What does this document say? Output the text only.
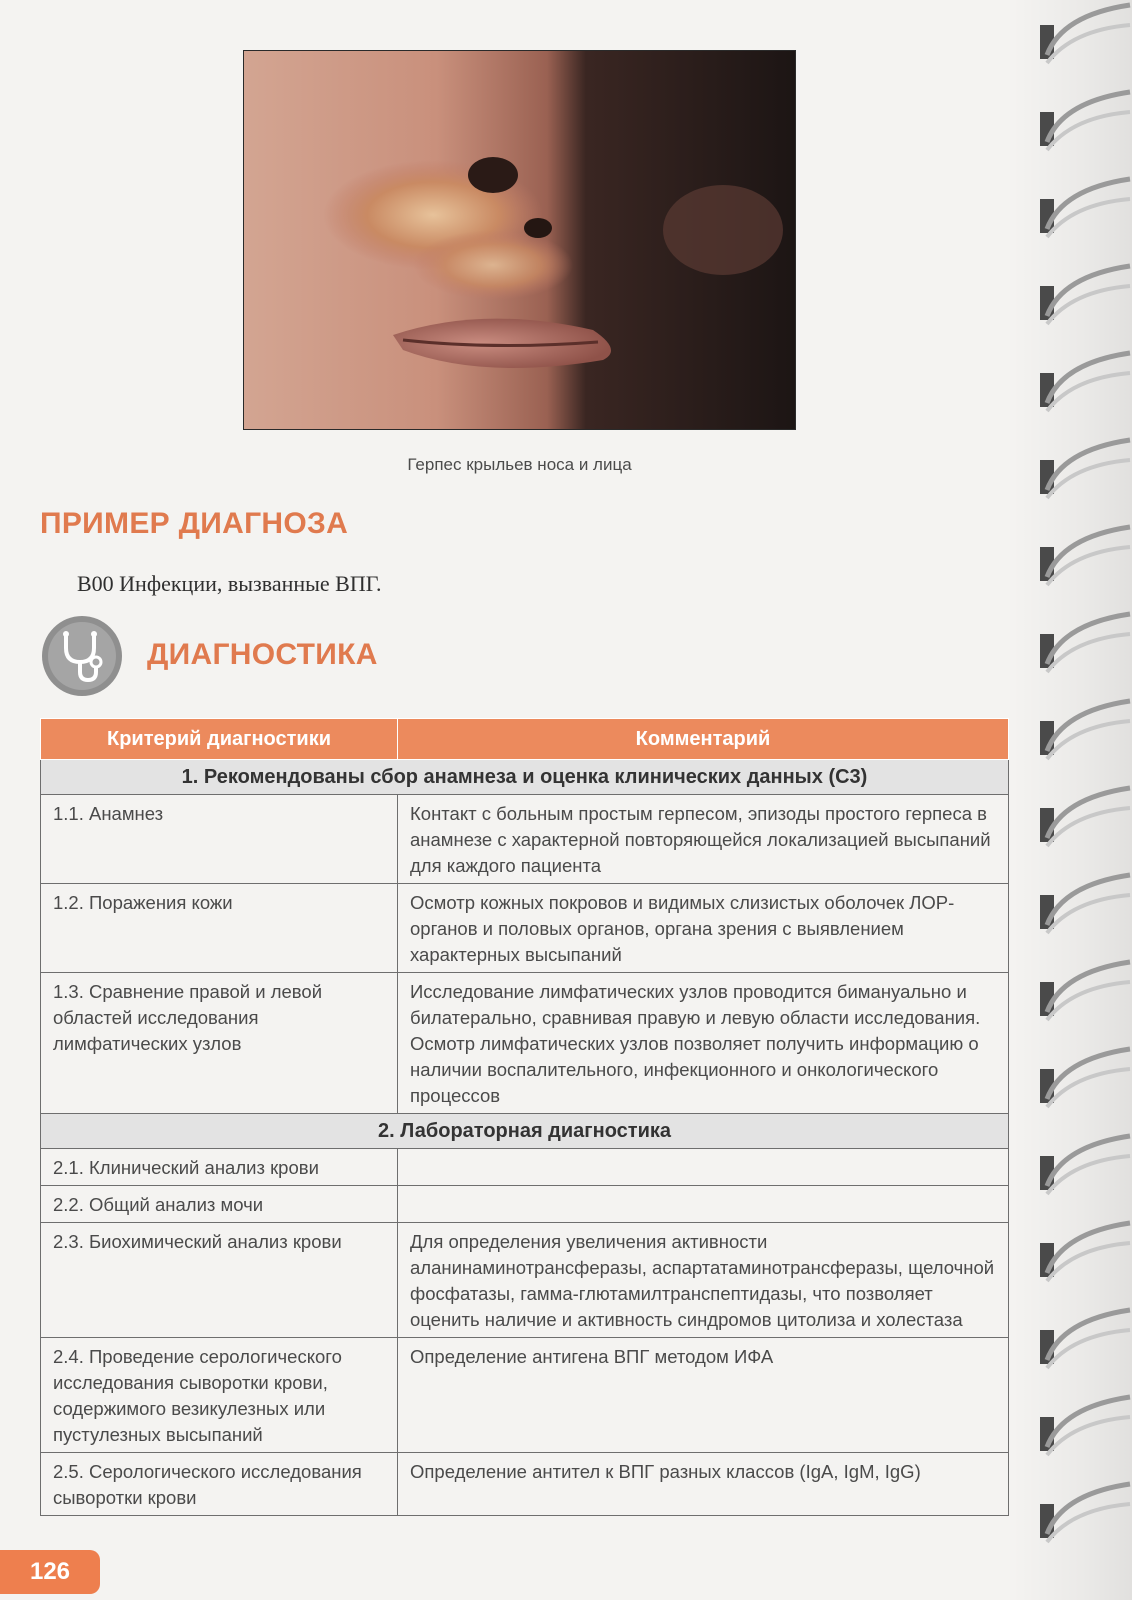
Герпес крыльев носа и лица
ПРИМЕР ДИАГНОЗА
B00 Инфекции, вызванные ВПГ.
ДИАГНОСТИКА
Критерий диагностики	Комментарий
1. Рекомендованы сбор анамнеза и оценка клинических данных (C3)	
1.1. Анамнез	Контакт с больным простым герпесом, эпизоды простого герпеса в анамнезе с характерной повторяющейся локализацией высыпаний для каждого пациента
1.2. Поражения кожи	Осмотр кожных покровов и видимых слизистых оболочек ЛОР-органов и половых органов, органа зрения с выявлением характерных высыпаний
1.3. Сравнение правой и левой областей исследования лимфатических узлов	Исследование лимфатических узлов проводится бимануально и билатерально, сравнивая правую и левую области исследования. Осмотр лимфатических узлов позволяет получить информацию о наличии воспалительного, инфекционного и онкологического процессов
2. Лабораторная диагностика	
2.1. Клинический анализ крови	
2.2. Общий анализ мочи	
2.3. Биохимический анализ крови	Для определения увеличения активности аланинаминотрансферазы, аспартатаминотрансферазы, щелочной фосфатазы, гамма-глютамилтранспептидазы, что позволяет оценить наличие и активность синдромов цитолиза и холестаза
2.4. Проведение серологического исследования сыворотки крови, содержимого везикулезных или пустулезных высыпаний	Определение антигена ВПГ методом ИФА
2.5. Серологического исследования сыворотки крови	Определение антител к ВПГ разных классов (IgA, IgM, IgG)
126
